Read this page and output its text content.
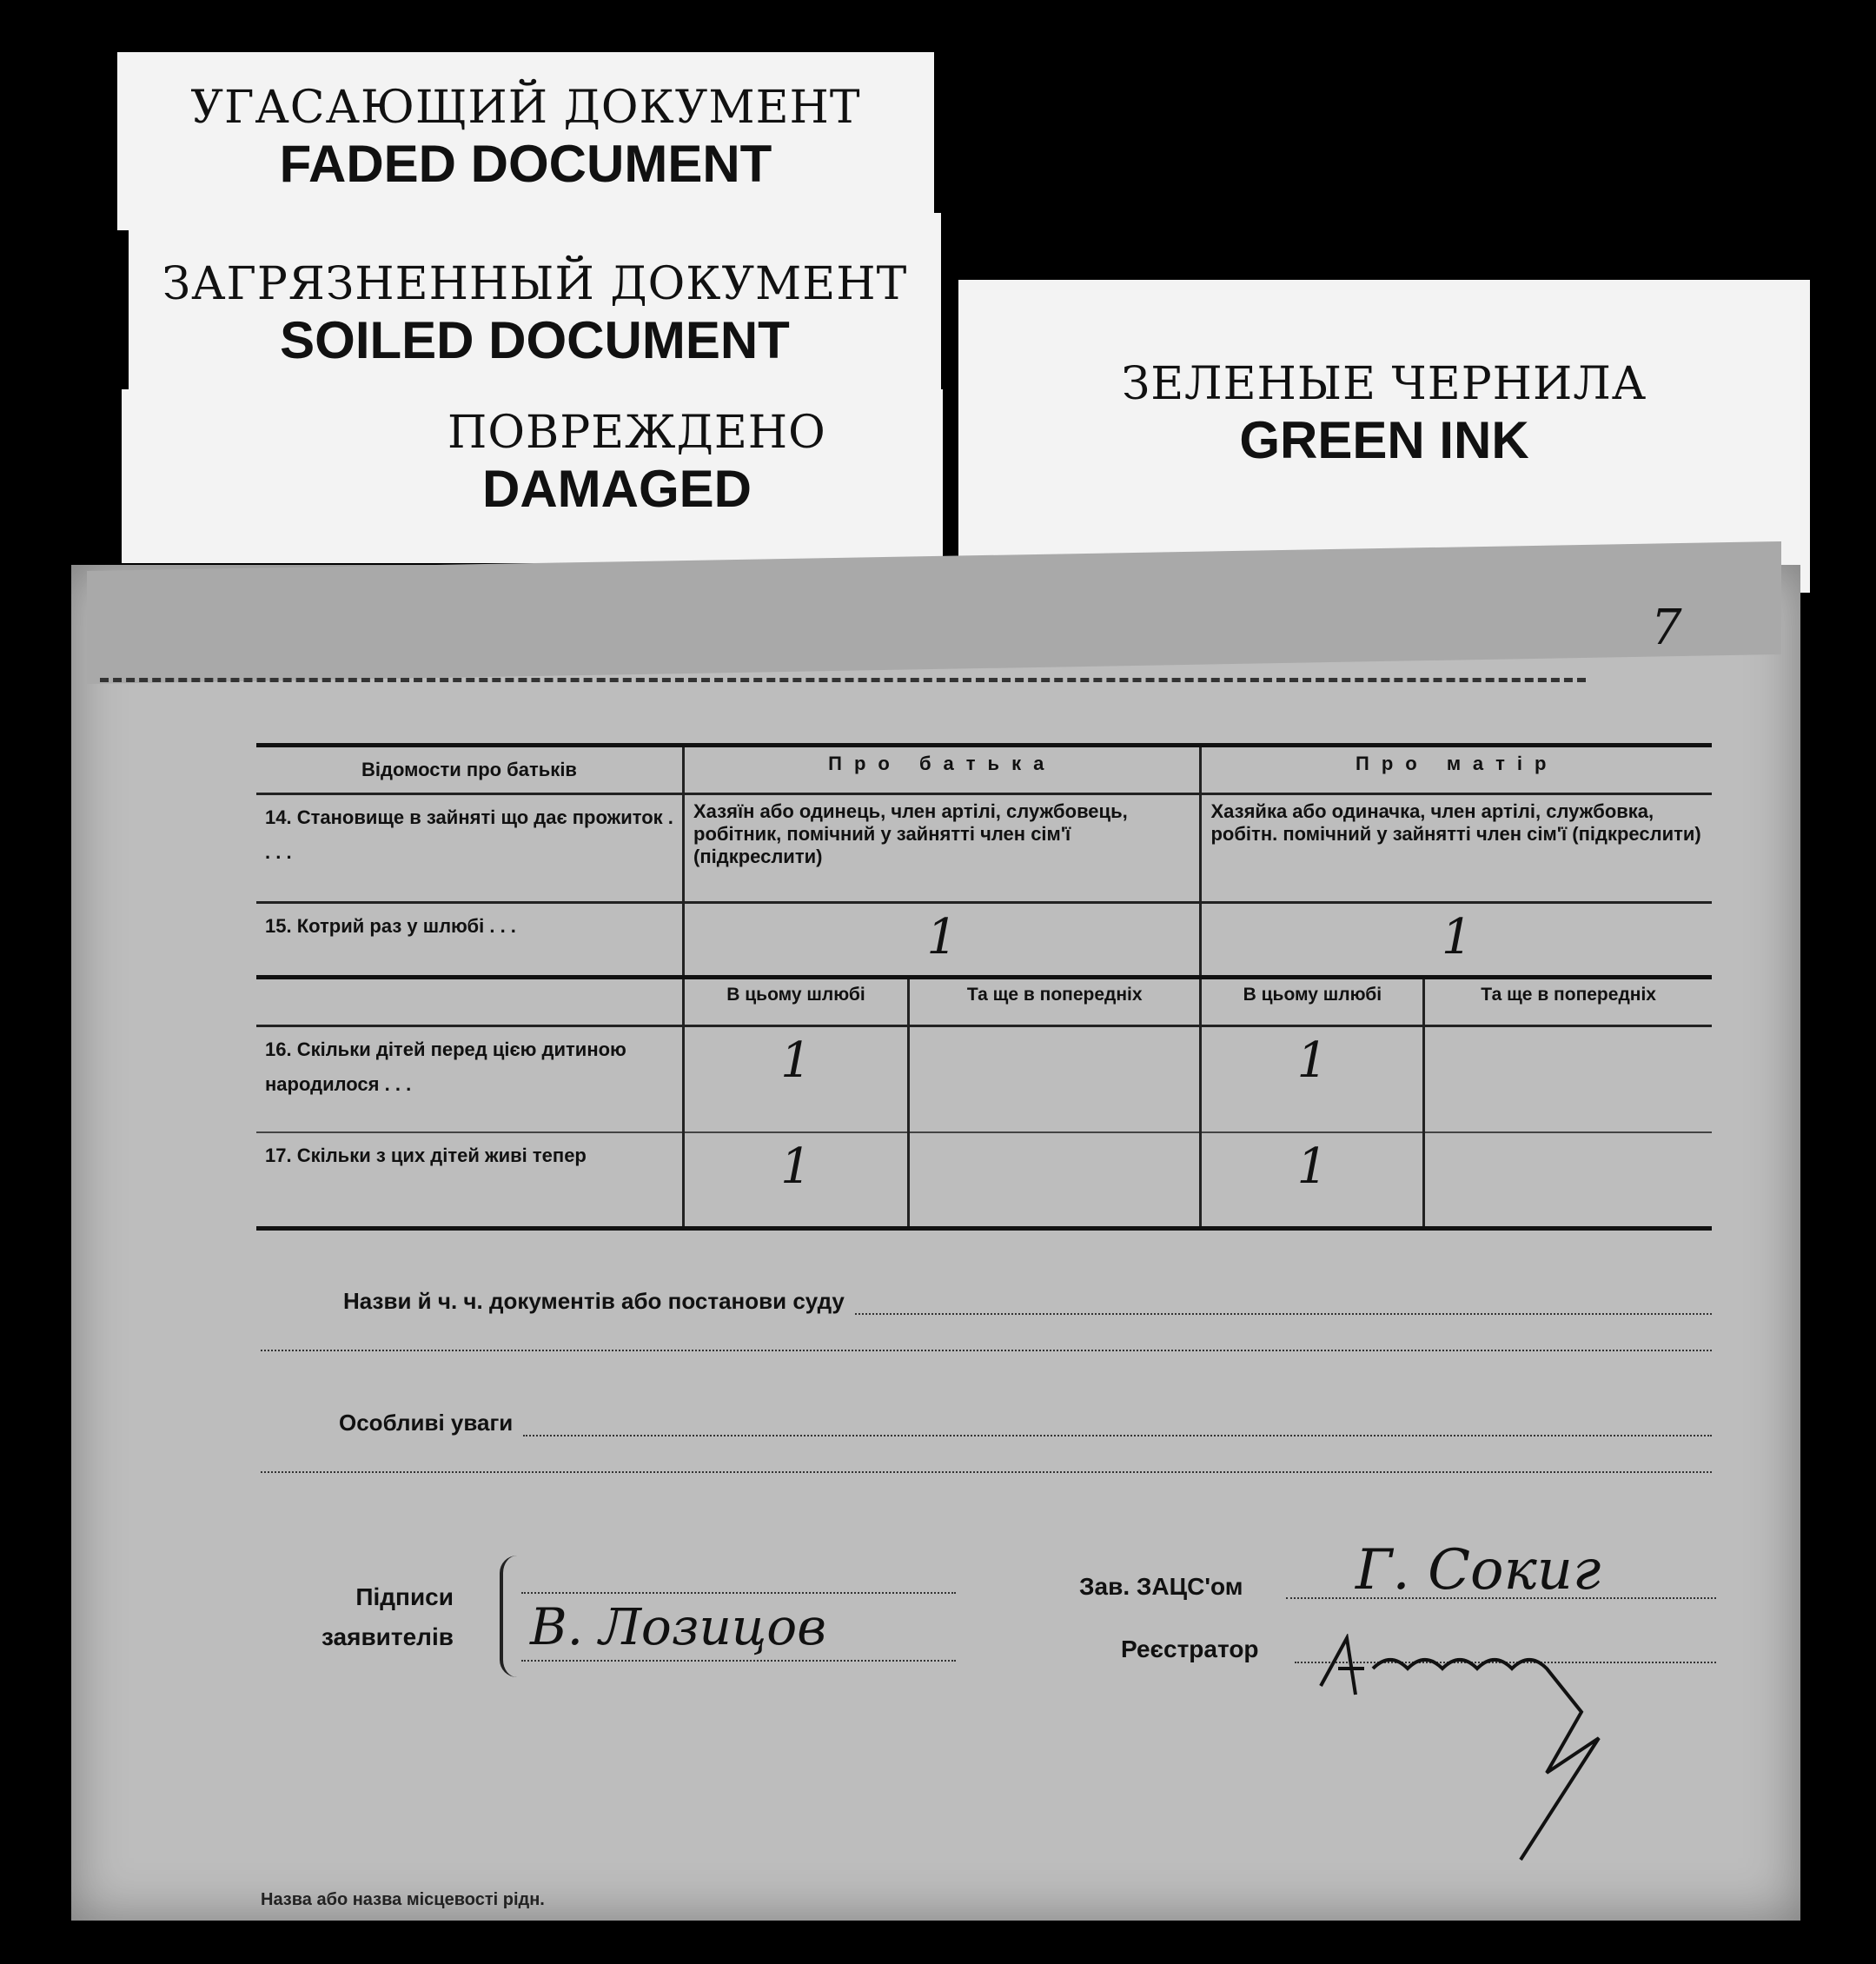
УГАСАЮЩИЙ ДОКУМЕНТ
FADED DOCUMENT
ЗАГРЯЗНЕННЫЙ ДОКУМЕНТ
SOILED DOCUMENT
ПОВРЕЖДЕНО
DAMAGED
ЗЕЛЕНЫЕ ЧЕРНИЛА
GREEN INK
7
Відомости про батьків	Про батька		Про матір	
14. Становище в зайняті що дає прожиток . . . .	Хазяїн або одинець, член артілі, службовець, робітник, помічний у зайнятті член сім'ї (підкреслити)		Хазяйка або одиначка, член артілі, службовка, робітн. помічний у зайнятті член сім'ї (підкреслити)	
15. Котрий раз у шлюбі . . .	1		1	

	В цьому шлюбі	Та ще в попередніх	В цьому шлюбі	Та ще в попередніх
16. Скільки дітей перед цією дитиною народилося . . .	1		1	

17. Скільки з цих дітей живі тепер	1		1	

Назви й ч. ч. документів або постанови суду
Особливі уваги
Підписи
заявителів В. Лозицов
Зав. ЗАЦС'ом Г. Сокиг
Реєстратор
Назва або назва місцевості рідн.
